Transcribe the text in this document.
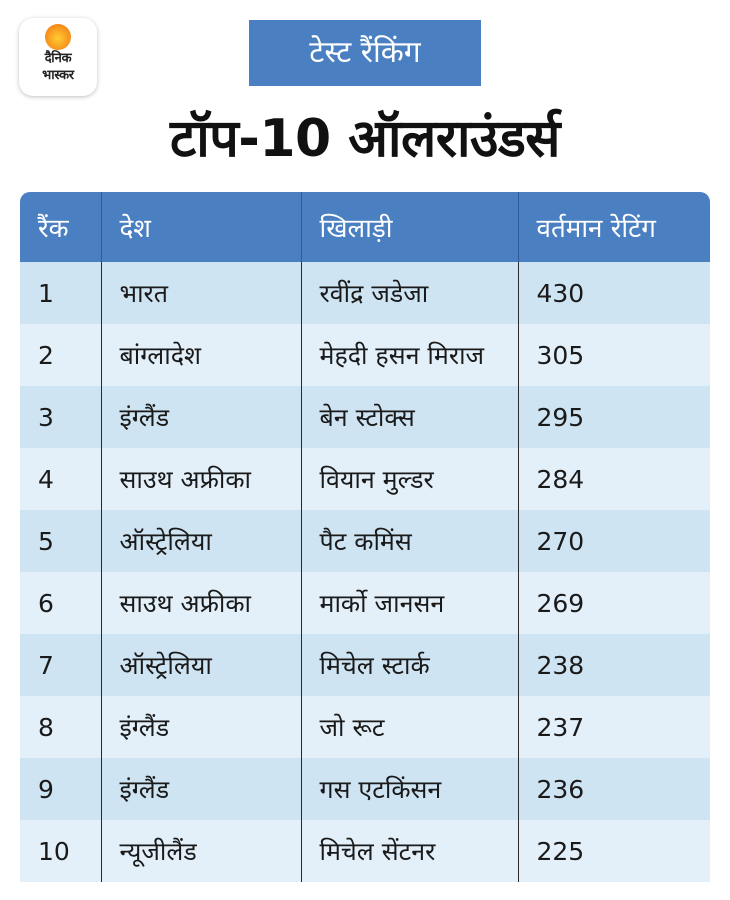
दैनिक
भास्कर
टेस्ट रैंकिंग
टॉप-10 ऑलराउंडर्स
रैंक	देश	खिलाड़ी	वर्तमान रेटिंग
1	भारत	रवींद्र जडेजा	430
2	बांग्लादेश	मेहदी हसन मिराज	305
3	इंग्लैंड	बेन स्टोक्स	295
4	साउथ अफ्रीका	वियान मुल्डर	284
5	ऑस्ट्रेलिया	पैट कमिंस	270
6	साउथ अफ्रीका	मार्को जानसन	269
7	ऑस्ट्रेलिया	मिचेल स्टार्क	238
8	इंग्लैंड	जो रूट	237
9	इंग्लैंड	गस एटकिंसन	236
10	न्यूजीलैंड	मिचेल सेंटनर	225
